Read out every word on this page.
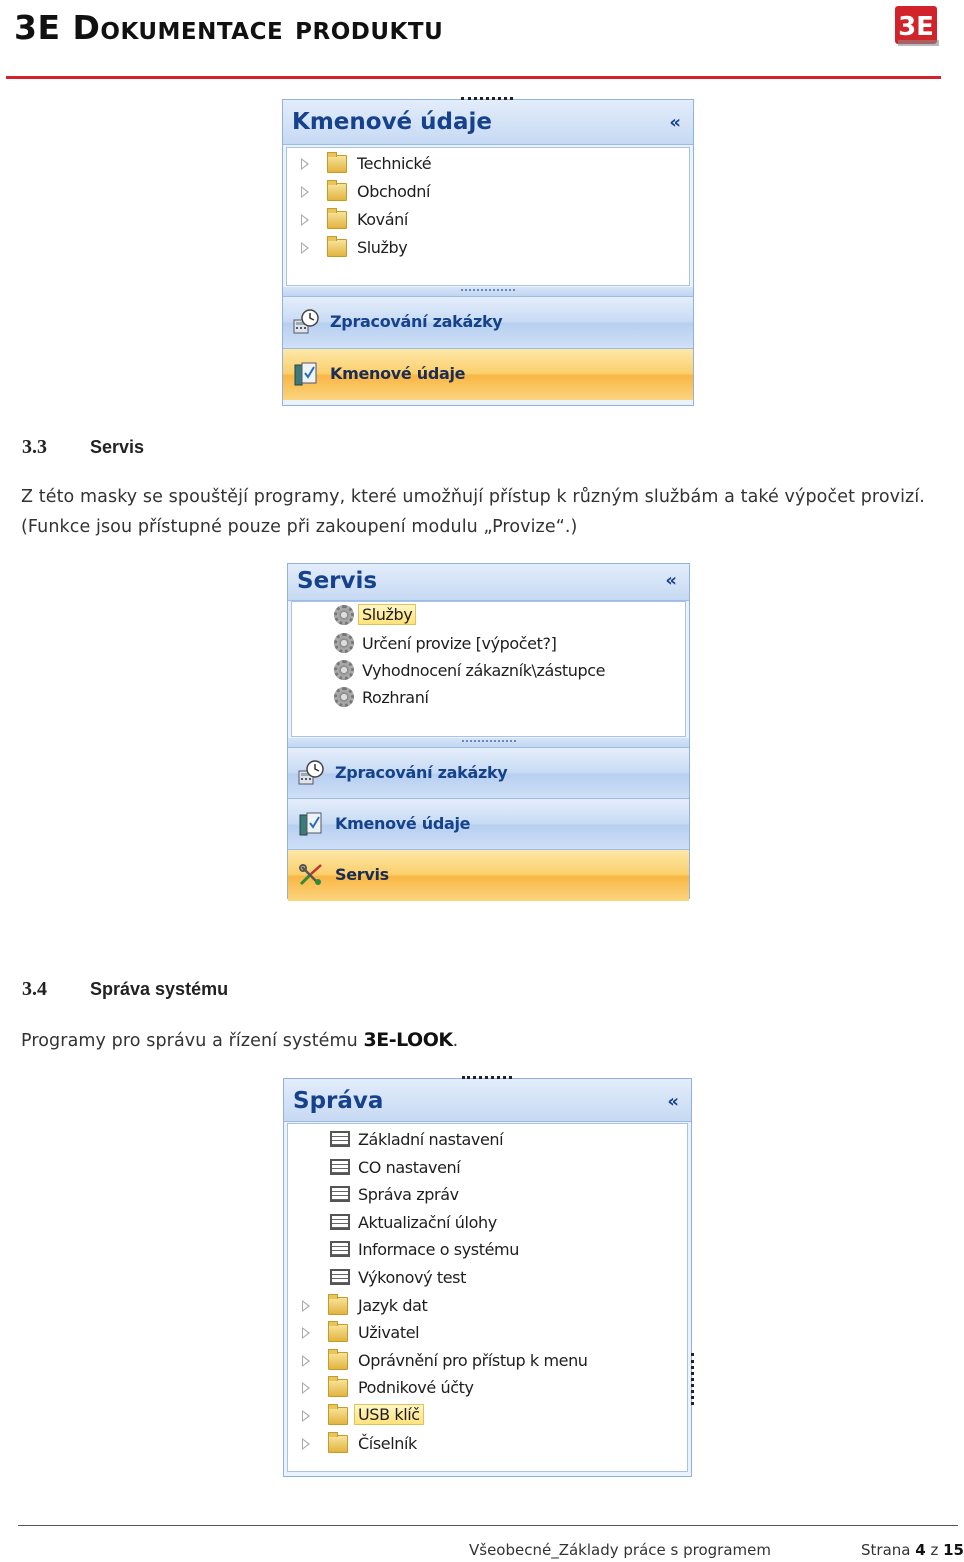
3E Dokumentace produktu	3E
Kmenové údaje	«
Technické
Obchodní
Kování
Služby
Zpracování zakázky
Kmenové údaje
3.3 Servis
Z této masky se spouštějí programy, které umožňují přístup k různým službám a také výpočet provizí.
(Funkce jsou přístupné pouze při zakoupení modulu „Provize“.)
Servis	«
Služby
Určení provize [výpočet?]
Vyhodnocení zákazník\zástupce
Rozhraní
Zpracování zakázky
Kmenové údaje
Servis
3.4 Správa systému
Programy pro správu a řízení systému 3E-LOOK.
Správa	«
Základní nastavení
CO nastavení
Správa zpráv
Aktualizační úlohy
Informace o systému
Výkonový test
Jazyk dat
Uživatel
Oprávnění pro přístup k menu
Podnikové účty
USB klíč
Číselník
Všeobecné_Základy práce s programem	Strana 4 z 15
